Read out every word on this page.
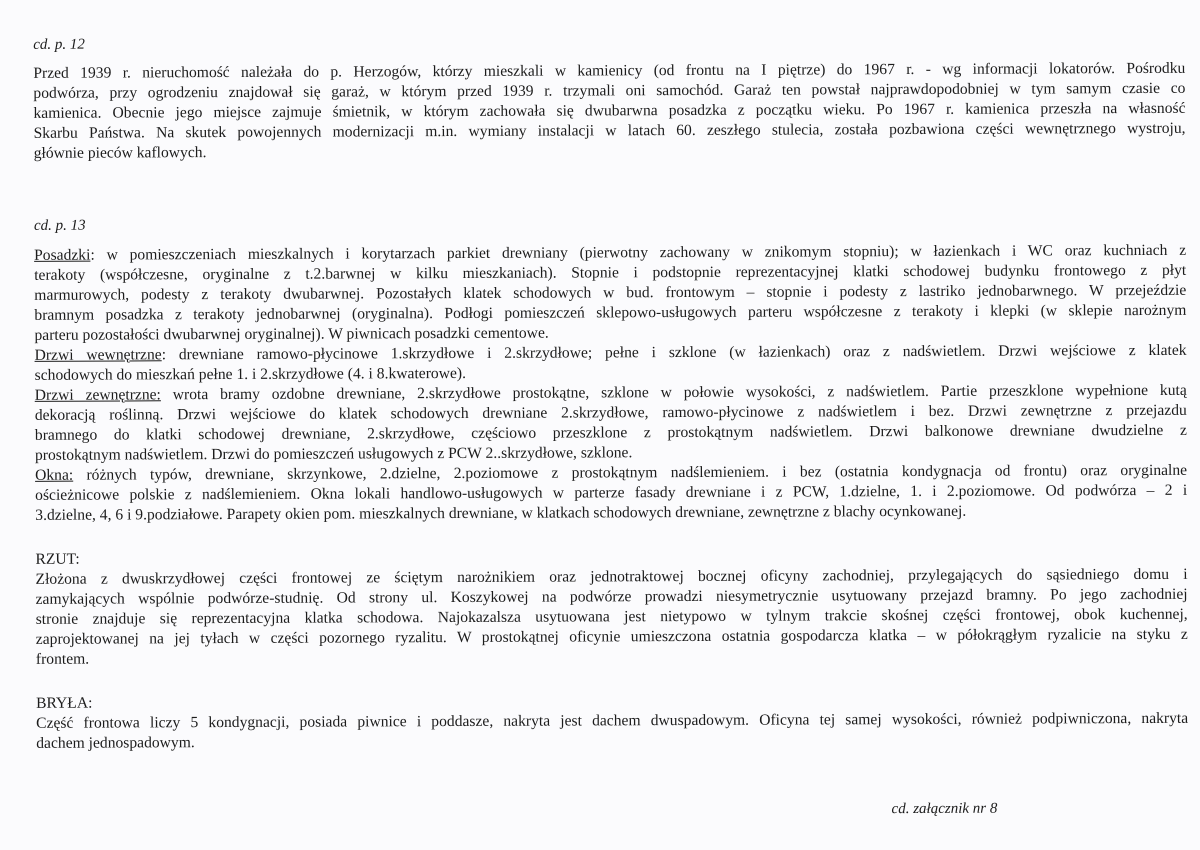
cd. p. 12
Przed 1939 r. nieruchomość należała do p. Herzogów, którzy mieszkali w kamienicy (od frontu na I piętrze) do 1967 r. - wg informacji lokatorów. Pośrodku
podwórza, przy ogrodzeniu znajdował się garaż, w którym przed 1939 r. trzymali oni samochód. Garaż ten powstał najprawdopodobniej w tym samym czasie co
kamienica. Obecnie jego miejsce zajmuje śmietnik, w którym zachowała się dwubarwna posadzka z początku wieku. Po 1967 r. kamienica przeszła na własność
Skarbu Państwa. Na skutek powojennych modernizacji m.in. wymiany instalacji w latach 60. zeszłego stulecia, została pozbawiona części wewnętrznego wystroju,
głównie pieców kaflowych.
cd. p. 13
Posadzki: w pomieszczeniach mieszkalnych i korytarzach parkiet drewniany (pierwotny zachowany w znikomym stopniu); w łazienkach i WC oraz kuchniach z
terakoty (współczesne, oryginalne z t.2.barwnej w kilku mieszkaniach). Stopnie i podstopnie reprezentacyjnej klatki schodowej budynku frontowego z płyt
marmurowych, podesty z terakoty dwubarwnej. Pozostałych klatek schodowych w bud. frontowym – stopnie i podesty z lastriko jednobarwnego. W przejeździe
bramnym posadzka z terakoty jednobarwnej (oryginalna). Podłogi pomieszczeń sklepowo-usługowych parteru współczesne z terakoty i klepki (w sklepie narożnym
parteru pozostałości dwubarwnej oryginalnej). W piwnicach posadzki cementowe.
Drzwi wewnętrzne: drewniane ramowo-płycinowe 1.skrzydłowe i 2.skrzydłowe; pełne i szklone (w łazienkach) oraz z nadświetlem. Drzwi wejściowe z klatek
schodowych do mieszkań pełne 1. i 2.skrzydłowe (4. i 8.kwaterowe).
Drzwi zewnętrzne: wrota bramy ozdobne drewniane, 2.skrzydłowe prostokątne, szklone w połowie wysokości, z nadświetlem. Partie przeszklone wypełnione kutą
dekoracją roślinną. Drzwi wejściowe do klatek schodowych drewniane 2.skrzydłowe, ramowo-płycinowe z nadświetlem i bez. Drzwi zewnętrzne z przejazdu
bramnego do klatki schodowej drewniane, 2.skrzydłowe, częściowo przeszklone z prostokątnym nadświetlem. Drzwi balkonowe drewniane dwudzielne z
prostokątnym nadświetlem. Drzwi do pomieszczeń usługowych z PCW 2..skrzydłowe, szklone.
Okna: różnych typów, drewniane, skrzynkowe, 2.dzielne, 2.poziomowe z prostokątnym nadślemieniem. i bez (ostatnia kondygnacja od frontu) oraz oryginalne
ościeżnicowe polskie z nadślemieniem. Okna lokali handlowo-usługowych w parterze fasady drewniane i z PCW, 1.dzielne, 1. i 2.poziomowe. Od podwórza – 2 i
3.dzielne, 4, 6 i 9.podziałowe. Parapety okien pom. mieszkalnych drewniane, w klatkach schodowych drewniane, zewnętrzne z blachy ocynkowanej.
RZUT:
Złożona z dwuskrzydłowej części frontowej ze ściętym narożnikiem oraz jednotraktowej bocznej oficyny zachodniej, przylegających do sąsiedniego domu i
zamykających wspólnie podwórze-studnię. Od strony ul. Koszykowej na podwórze prowadzi niesymetrycznie usytuowany przejazd bramny. Po jego zachodniej
stronie znajduje się reprezentacyjna klatka schodowa. Najokazalsza usytuowana jest nietypowo w tylnym trakcie skośnej części frontowej, obok kuchennej,
zaprojektowanej na jej tyłach w części pozornego ryzalitu. W prostokątnej oficynie umieszczona ostatnia gospodarcza klatka – w półokrągłym ryzalicie na styku z
frontem.
BRYŁA:
Część frontowa liczy 5 kondygnacji, posiada piwnice i poddasze, nakryta jest dachem dwuspadowym. Oficyna tej samej wysokości, również podpiwniczona, nakryta
dachem jednospadowym.
cd. załącznik nr 8
